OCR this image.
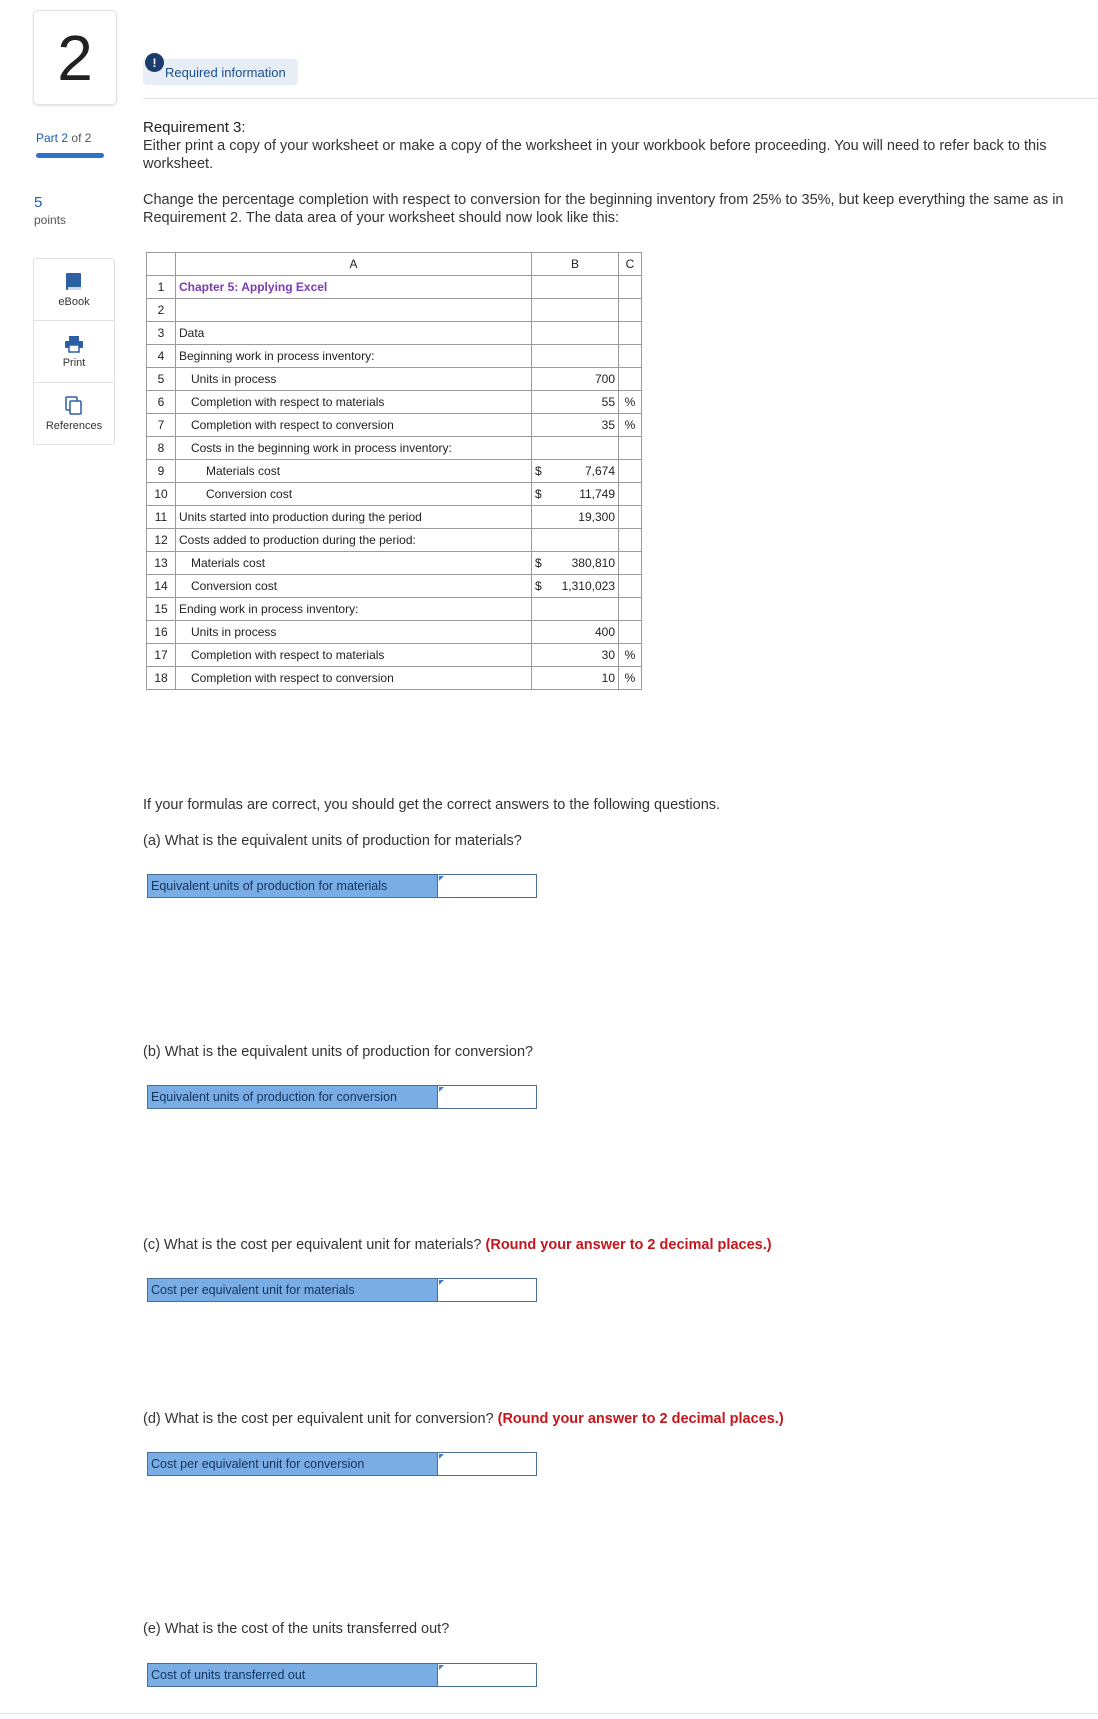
2
Part 2 of 2
5
points
eBook
Print
References
Required information
!
Requirement 3:
Either print a copy of your worksheet or make a copy of the worksheet in your workbook before proceeding. You will need to refer back to this worksheet.
Change the percentage completion with respect to conversion for the beginning inventory from 25% to 35%, but keep everything the same as in Requirement 2. The data area of your worksheet should now look like this:
	A	B	C
1	Chapter 5: Applying Excel		
2			
3	Data		
4	Beginning work in process inventory:		
5	Units in process	700	
6	Completion with respect to materials	55	%
7	Completion with respect to conversion	35	%
8	Costs in the beginning work in process inventory:		
9	Materials cost	$ 7,674	

10	Conversion cost	$ 11,749	

11	Units started into production during the period	19,300	
12	Costs added to production during the period:		
13	Materials cost	$ 380,810	

14	Conversion cost	$ 1,310,023	

15	Ending work in process inventory:		
16	Units in process	400	
17	Completion with respect to materials	30	%
18	Completion with respect to conversion	10	%
If your formulas are correct, you should get the correct answers to the following questions.
(a) What is the equivalent units of production for materials?
Equivalent units of production for materials
(b) What is the equivalent units of production for conversion?
Equivalent units of production for conversion
(c) What is the cost per equivalent unit for materials? (Round your answer to 2 decimal places.)
Cost per equivalent unit for materials
(d) What is the cost per equivalent unit for conversion? (Round your answer to 2 decimal places.)
Cost per equivalent unit for conversion
(e) What is the cost of the units transferred out?
Cost of units transferred out
